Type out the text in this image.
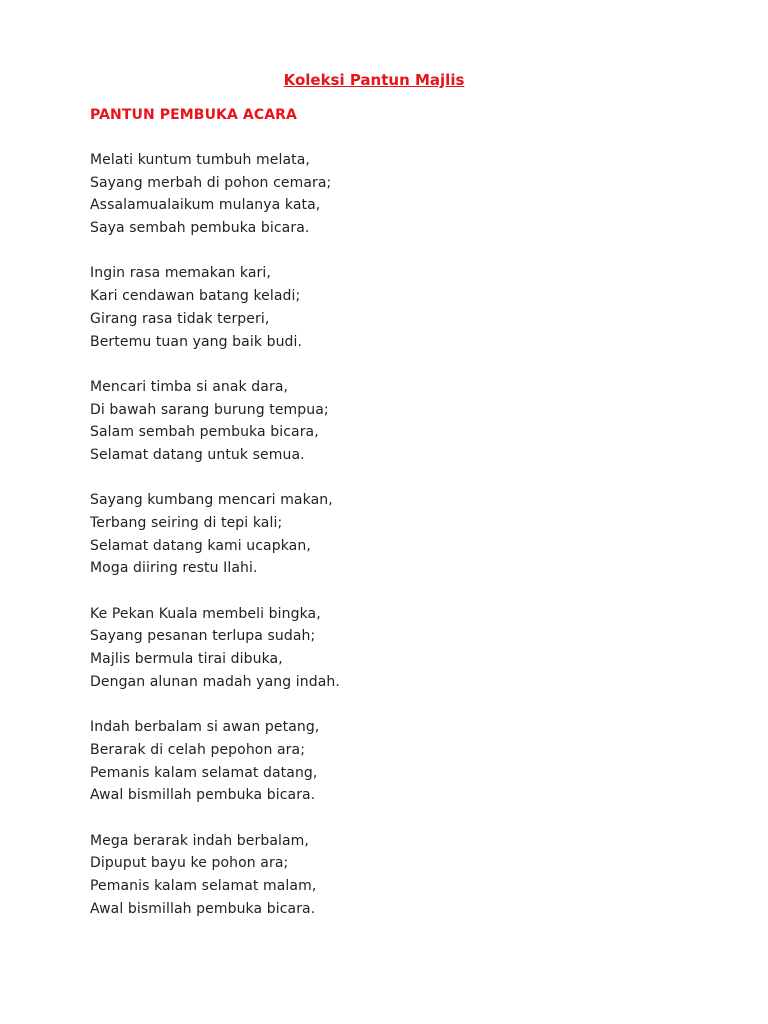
Koleksi Pantun Majlis
PANTUN PEMBUKA ACARA
Melati kuntum tumbuh melata,
Sayang merbah di pohon cemara;
Assalamualaikum mulanya kata,
Saya sembah pembuka bicara.
Ingin rasa memakan kari,
Kari cendawan batang keladi;
Girang rasa tidak terperi,
Bertemu tuan yang baik budi.
Mencari timba si anak dara,
Di bawah sarang burung tempua;
Salam sembah pembuka bicara,
Selamat datang untuk semua.
Sayang kumbang mencari makan,
Terbang seiring di tepi kali;
Selamat datang kami ucapkan,
Moga diiring restu Ilahi.
Ke Pekan Kuala membeli bingka,
Sayang pesanan terlupa sudah;
Majlis bermula tirai dibuka,
Dengan alunan madah yang indah.
Indah berbalam si awan petang,
Berarak di celah pepohon ara;
Pemanis kalam selamat datang,
Awal bismillah pembuka bicara.
Mega berarak indah berbalam,
Dipuput bayu ke pohon ara;
Pemanis kalam selamat malam,
Awal bismillah pembuka bicara.
